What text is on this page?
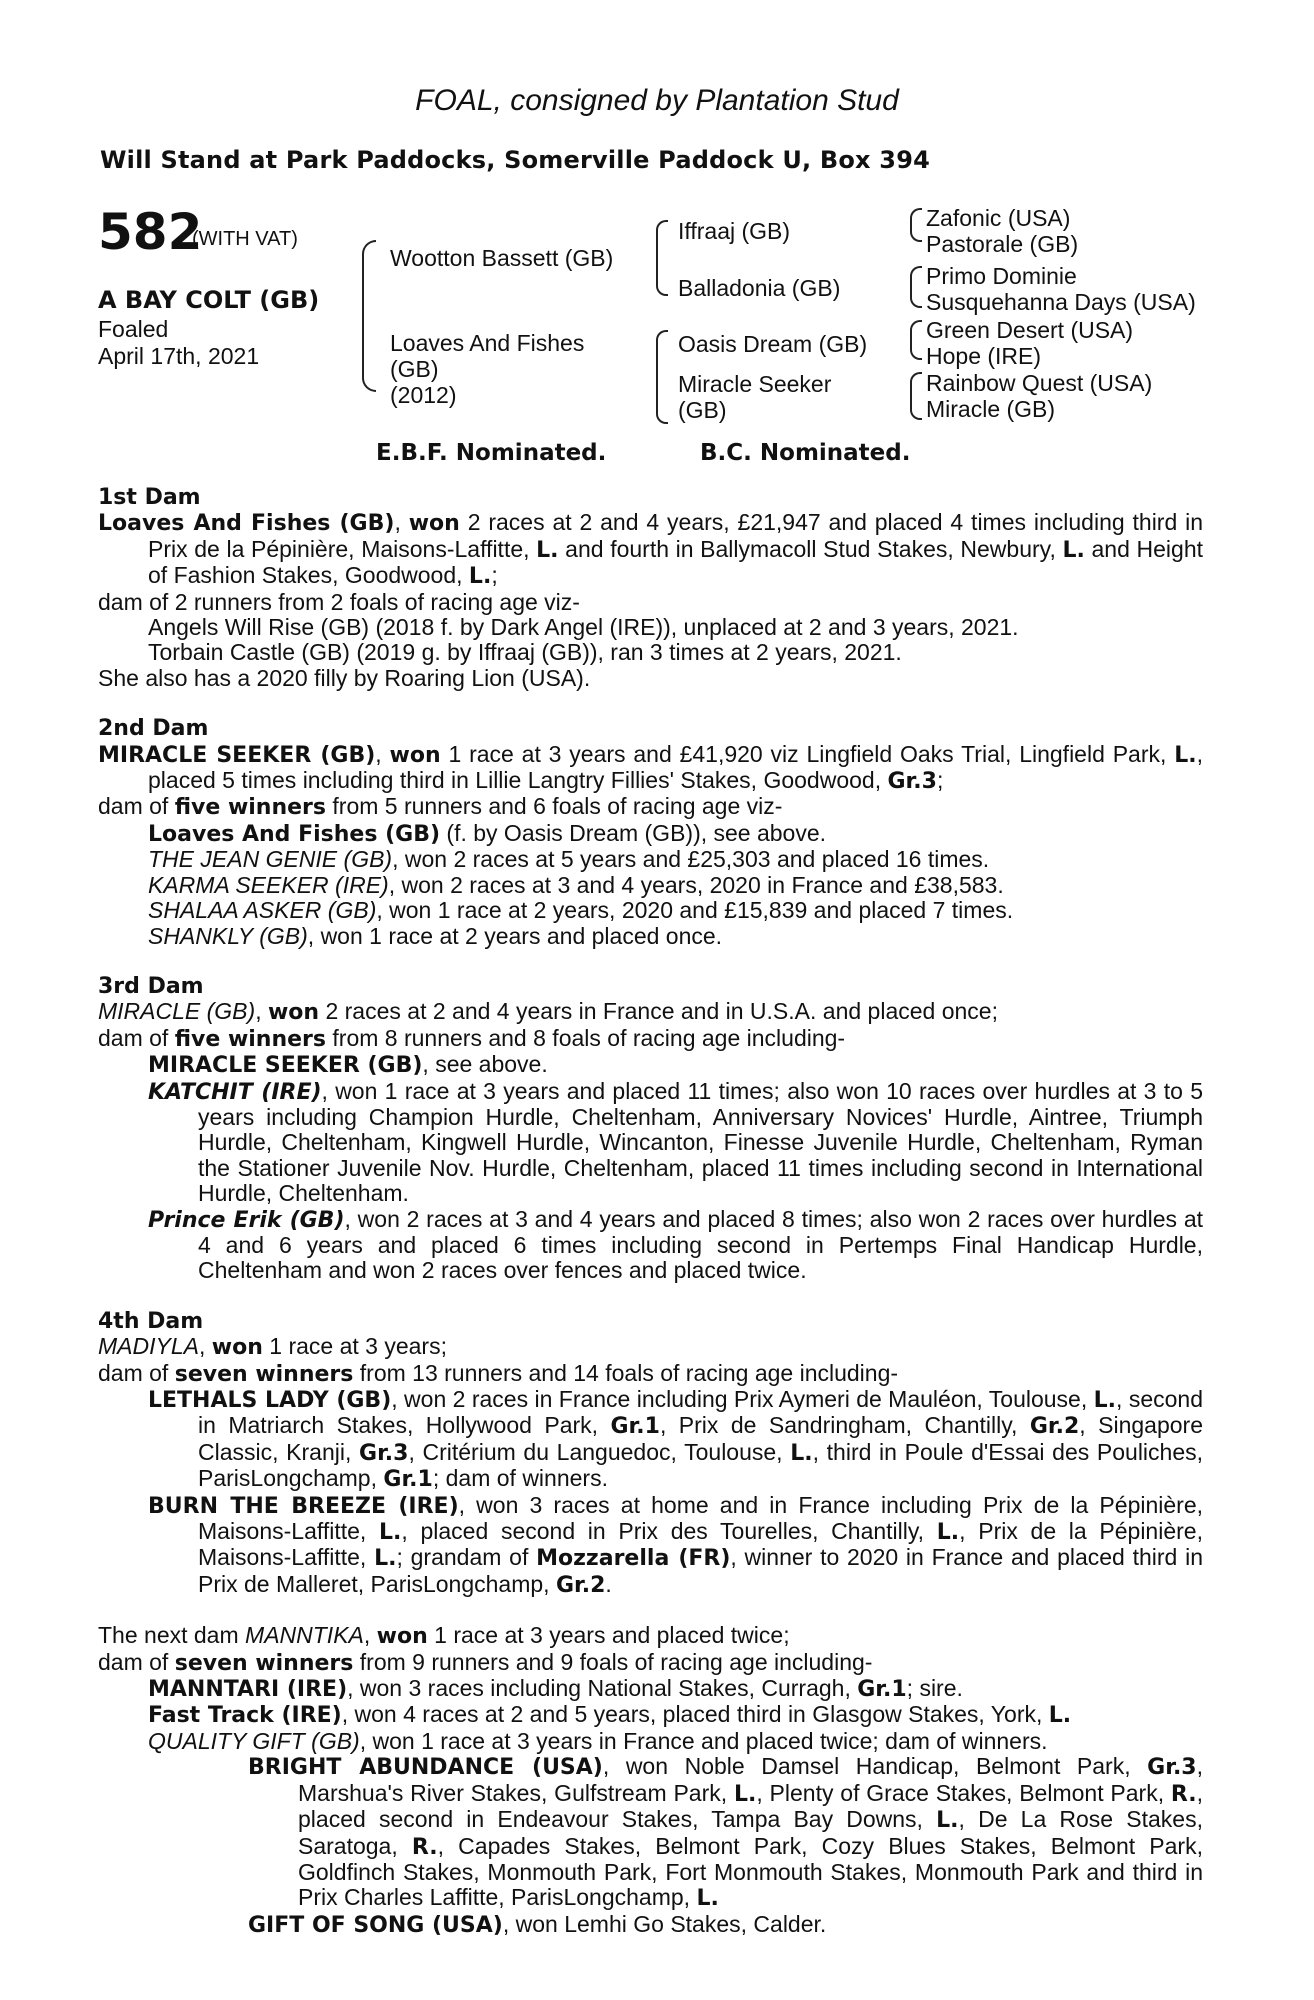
FOAL, consigned by Plantation Stud
Will Stand at Park Paddocks, Somerville Paddock U, Box 394
582
(WITH VAT)
A BAY COLT (GB)
Foaled
April 17th, 2021
Wootton Bassett (GB)
Loaves And Fishes
(GB)
(2012)
Iffraaj (GB)
Balladonia (GB)
Oasis Dream (GB)
Miracle Seeker
(GB)
Zafonic (USA)
Pastorale (GB)
Primo Dominie
Susquehanna Days (USA)
Green Desert (USA)
Hope (IRE)
Rainbow Quest (USA)
Miracle (GB)
E.B.F. Nominated.	B.C. Nominated.
1st Dam
Loaves And Fishes (GB), won 2 races at 2 and 4 years, £21,947 and placed 4 times including third in Prix de la Pépinière, Maisons-Laffitte, L. and fourth in Ballymacoll Stud Stakes, Newbury, L. and Height of Fashion Stakes, Goodwood, L.;
dam of 2 runners from 2 foals of racing age viz-
Angels Will Rise (GB) (2018 f. by Dark Angel (IRE)), unplaced at 2 and 3 years, 2021.
Torbain Castle (GB) (2019 g. by Iffraaj (GB)), ran 3 times at 2 years, 2021.
She also has a 2020 filly by Roaring Lion (USA).
2nd Dam
MIRACLE SEEKER (GB), won 1 race at 3 years and £41,920 viz Lingfield Oaks Trial, Lingfield Park, L., placed 5 times including third in Lillie Langtry Fillies' Stakes, Goodwood, Gr.3;
dam of five winners from 5 runners and 6 foals of racing age viz-
Loaves And Fishes (GB) (f. by Oasis Dream (GB)), see above.
THE JEAN GENIE (GB), won 2 races at 5 years and £25,303 and placed 16 times.
KARMA SEEKER (IRE), won 2 races at 3 and 4 years, 2020 in France and £38,583.
SHALAA ASKER (GB), won 1 race at 2 years, 2020 and £15,839 and placed 7 times.
SHANKLY (GB), won 1 race at 2 years and placed once.
3rd Dam
MIRACLE (GB), won 2 races at 2 and 4 years in France and in U.S.A. and placed once;
dam of five winners from 8 runners and 8 foals of racing age including-
MIRACLE SEEKER (GB), see above.
KATCHIT (IRE), won 1 race at 3 years and placed 11 times; also won 10 races over hurdles at 3 to 5 years including Champion Hurdle, Cheltenham, Anniversary Novices' Hurdle, Aintree, Triumph Hurdle, Cheltenham, Kingwell Hurdle, Wincanton, Finesse Juvenile Hurdle, Cheltenham, Ryman the Stationer Juvenile Nov. Hurdle, Cheltenham, placed 11 times including second in International Hurdle, Cheltenham.
Prince Erik (GB), won 2 races at 3 and 4 years and placed 8 times; also won 2 races over hurdles at 4 and 6 years and placed 6 times including second in Pertemps Final Handicap Hurdle, Cheltenham and won 2 races over fences and placed twice.
4th Dam
MADIYLA, won 1 race at 3 years;
dam of seven winners from 13 runners and 14 foals of racing age including-
LETHALS LADY (GB), won 2 races in France including Prix Aymeri de Mauléon, Toulouse, L., second in Matriarch Stakes, Hollywood Park, Gr.1, Prix de Sandringham, Chantilly, Gr.2, Singapore Classic, Kranji, Gr.3, Critérium du Languedoc, Toulouse, L., third in Poule d'Essai des Pouliches, ParisLongchamp, Gr.1; dam of winners.
BURN THE BREEZE (IRE), won 3 races at home and in France including Prix de la Pépinière, Maisons-Laffitte, L., placed second in Prix des Tourelles, Chantilly, L., Prix de la Pépinière, Maisons-Laffitte, L.; grandam of Mozzarella (FR), winner to 2020 in France and placed third in Prix de Malleret, ParisLongchamp, Gr.2.
The next dam MANNTIKA, won 1 race at 3 years and placed twice;
dam of seven winners from 9 runners and 9 foals of racing age including-
MANNTARI (IRE), won 3 races including National Stakes, Curragh, Gr.1; sire.
Fast Track (IRE), won 4 races at 2 and 5 years, placed third in Glasgow Stakes, York, L.
QUALITY GIFT (GB), won 1 race at 3 years in France and placed twice; dam of winners.
BRIGHT ABUNDANCE (USA), won Noble Damsel Handicap, Belmont Park, Gr.3, Marshua's River Stakes, Gulfstream Park, L., Plenty of Grace Stakes, Belmont Park, R., placed second in Endeavour Stakes, Tampa Bay Downs, L., De La Rose Stakes, Saratoga, R., Capades Stakes, Belmont Park, Cozy Blues Stakes, Belmont Park, Goldfinch Stakes, Monmouth Park, Fort Monmouth Stakes, Monmouth Park and third in Prix Charles Laffitte, ParisLongchamp, L.
GIFT OF SONG (USA), won Lemhi Go Stakes, Calder.
